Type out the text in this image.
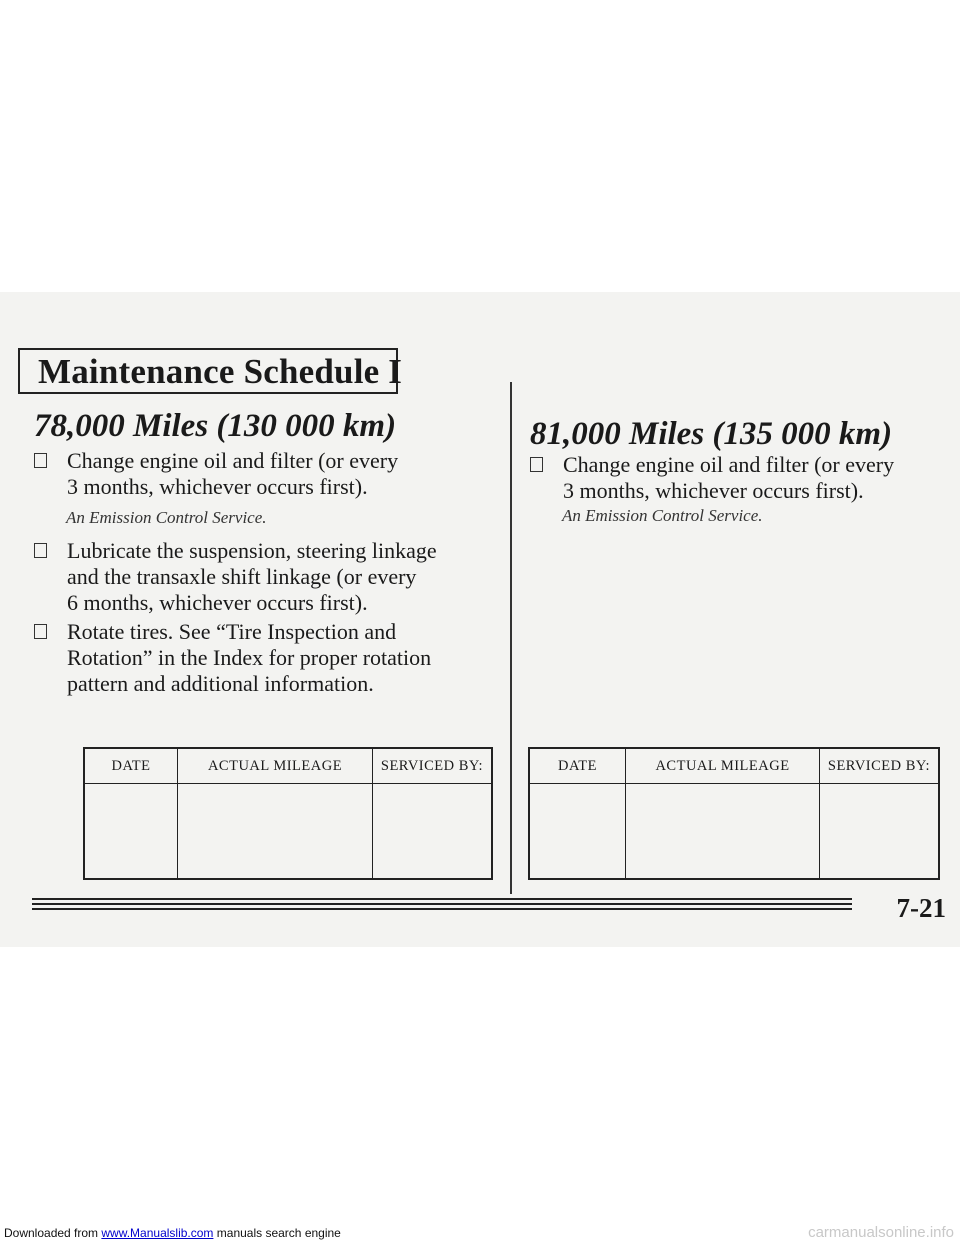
Maintenance Schedule I
78,000 Miles (130 000 km)
Change engine oil and filter (or every
3 months, whichever occurs first).
An Emission Control Service.
Lubricate the suspension, steering linkage
and the transaxle shift linkage (or every
6 months, whichever occurs first).
Rotate tires. See “Tire Inspection and
Rotation” in the Index for proper rotation
pattern and additional information.
81,000 Miles (135 000 km)
Change engine oil and filter (or every
3 months, whichever occurs first).
An Emission Control Service.
DATE	ACTUAL MILEAGE	SERVICED BY:
			DATE	ACTUAL MILEAGE	SERVICED BY:

7-21
Downloaded from www.Manualslib.com manuals search engine	carmanualsonline.info
